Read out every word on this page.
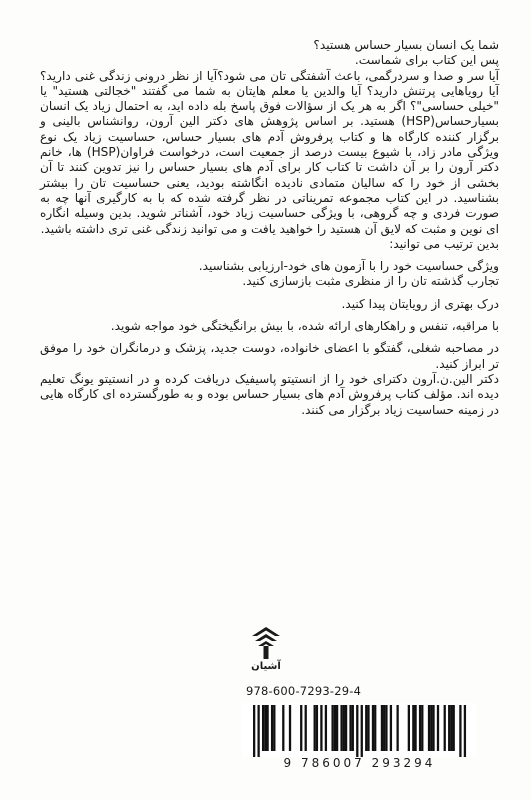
شما یک انسان بسیار حساس هستید؟

پس این کتاب برای شماست.

آیا سر و صدا و سردرگمی، باعث آشفتگی تان می شود؟آیا از نظر درونی زندگی غنی دارید؟ آیا رویاهایی پرتنش دارید؟ آیا والدین یا معلم هایتان به شما می گفتند "خجالتی هستید" یا "خیلی حساسی"؟ اگر به هر یک از سؤالات فوق پاسخ بله داده اید، به احتمال زیاد یک انسان بسیارحساس(HSP) هستید. بر اساس پژوهش های دکتر الین آرون، روانشناس بالینی و برگزار کننده کارگاه ها و کتاب پرفروش آدم های بسیار حساس، حساسیت زیاد یک نوع ویژگی مادر زاد، با شیوع بیست درصد از جمعیت است، درخواست فراوان(HSP) ها، خانم دکتر آرون را بر آن داشت تا کتاب کار برای آدم های بسیار حساس را نیز تدوین کنند تا آن بخشی از خود را که سالیان متمادی نادیده انگاشته بودید، یعنی حساسیت تان را بیشتر بشناسید. در این کتاب مجموعه تمریناتی در نظر گرفته شده که با به کارگیری آنها چه به صورت فردی و چه گروهی، با ویژگی حساسیت زیاد خود، آشناتر شوید. بدین وسیله انگاره ای نوین و مثبت که لایق آن هستید را خواهید یافت و می توانید زندگی غنی تری داشته باشید.

بدین ترتیب می توانید:

ویژگی حساسیت خود را با آزمون های خود-ارزیابی بشناسید.

تجارب گذشته تان را از منظری مثبت بازسازی کنید.

درک بهتری از رویایتان پیدا کنید.

با مراقبه، تنفس و راهکارهای ارائه شده، با بیش برانگیختگی خود مواجه شوید.

در مصاحبه شغلی، گفتگو با اعضای خانواده، دوست جدید، پزشک و درمانگران خود را موفق تر ابراز کنید.

دکتر الین.ن.آرون دکترای خود را از انستیتو پاسیفیک دریافت کرده و در انستیتو یونگ تعلیم دیده اند. مؤلف کتاب پرفروش آدم های بسیار حساس بوده و به طورگسترده ای کارگاه هایی در زمینه حساسیت زیاد برگزار می کنند.

آشیان
978-600-7293-29-4
9 786007 293294
